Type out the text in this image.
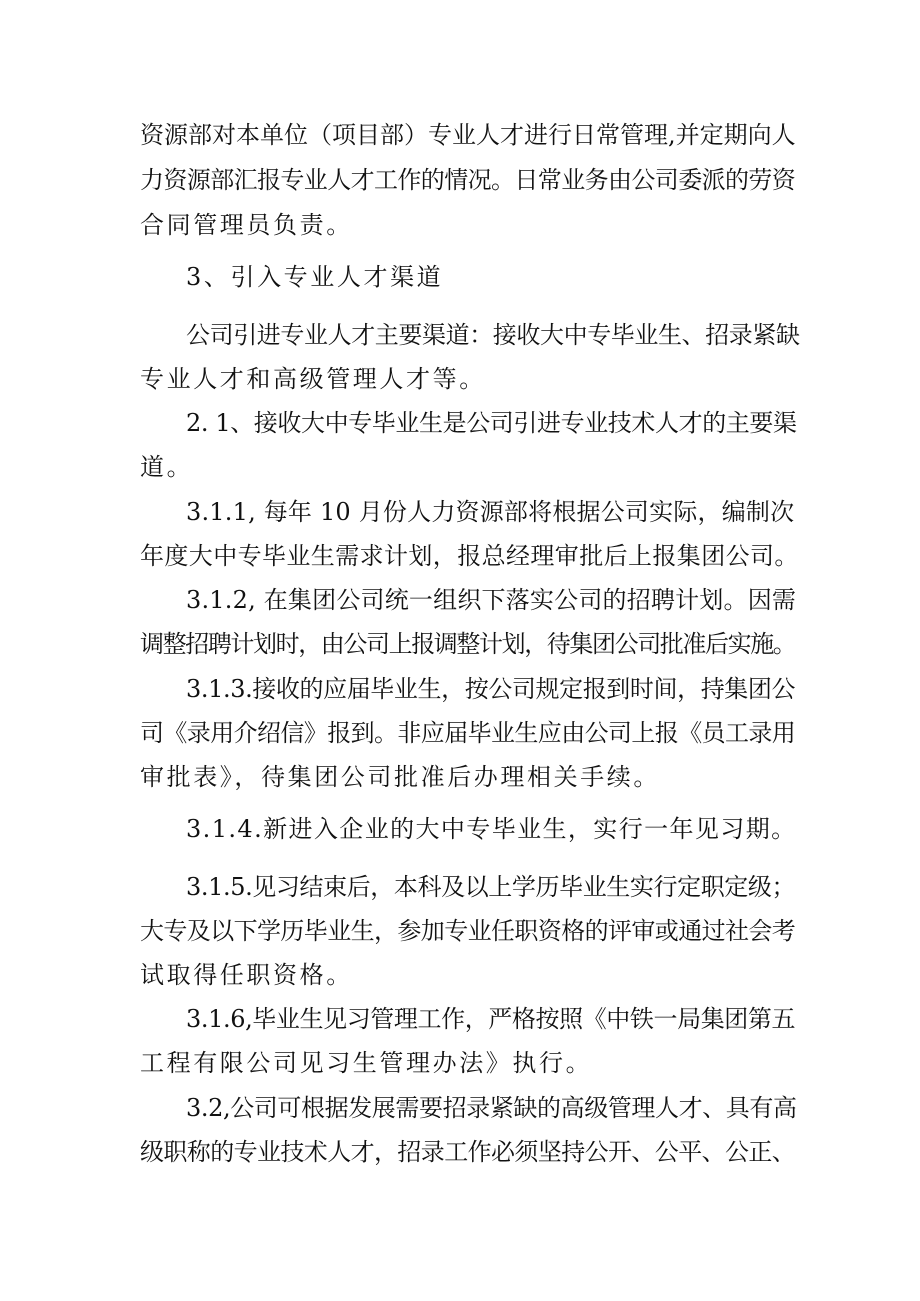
资源部对本单位（项目部）专业人才进行日常管理,并定期向人
力资源部汇报专业人才工作的情况。日常业务由公司委派的劳资
合同管理员负责。
3、引入专业人才渠道
公司引进专业人才主要渠道：接收大中专毕业生、招录紧缺
专业人才和高级管理人才等。
2. 1、接收大中专毕业生是公司引进专业技术人才的主要渠
道。
3.1.1, 每年 10 月份人力资源部将根据公司实际，编制次
年度大中专毕业生需求计划，报总经理审批后上报集团公司。
3.1.2, 在集团公司统一组织下落实公司的招聘计划。因需
调整招聘计划时，由公司上报调整计划，待集团公司批准后实施。
3.1.3.接收的应届毕业生，按公司规定报到时间，持集团公
司《录用介绍信》报到。非应届毕业生应由公司上报《员工录用
审批表》，待集团公司批准后办理相关手续。
3.1.4.新进入企业的大中专毕业生，实行一年见习期。
3.1.5.见习结束后，本科及以上学历毕业生实行定职定级；
大专及以下学历毕业生，参加专业任职资格的评审或通过社会考
试取得任职资格。
3.1.6,毕业生见习管理工作，严格按照《中铁一局集团第五
工程有限公司见习生管理办法》执行。
3.2,公司可根据发展需要招录紧缺的高级管理人才、具有高
级职称的专业技术人才，招录工作必须坚持公开、公平、公正、
